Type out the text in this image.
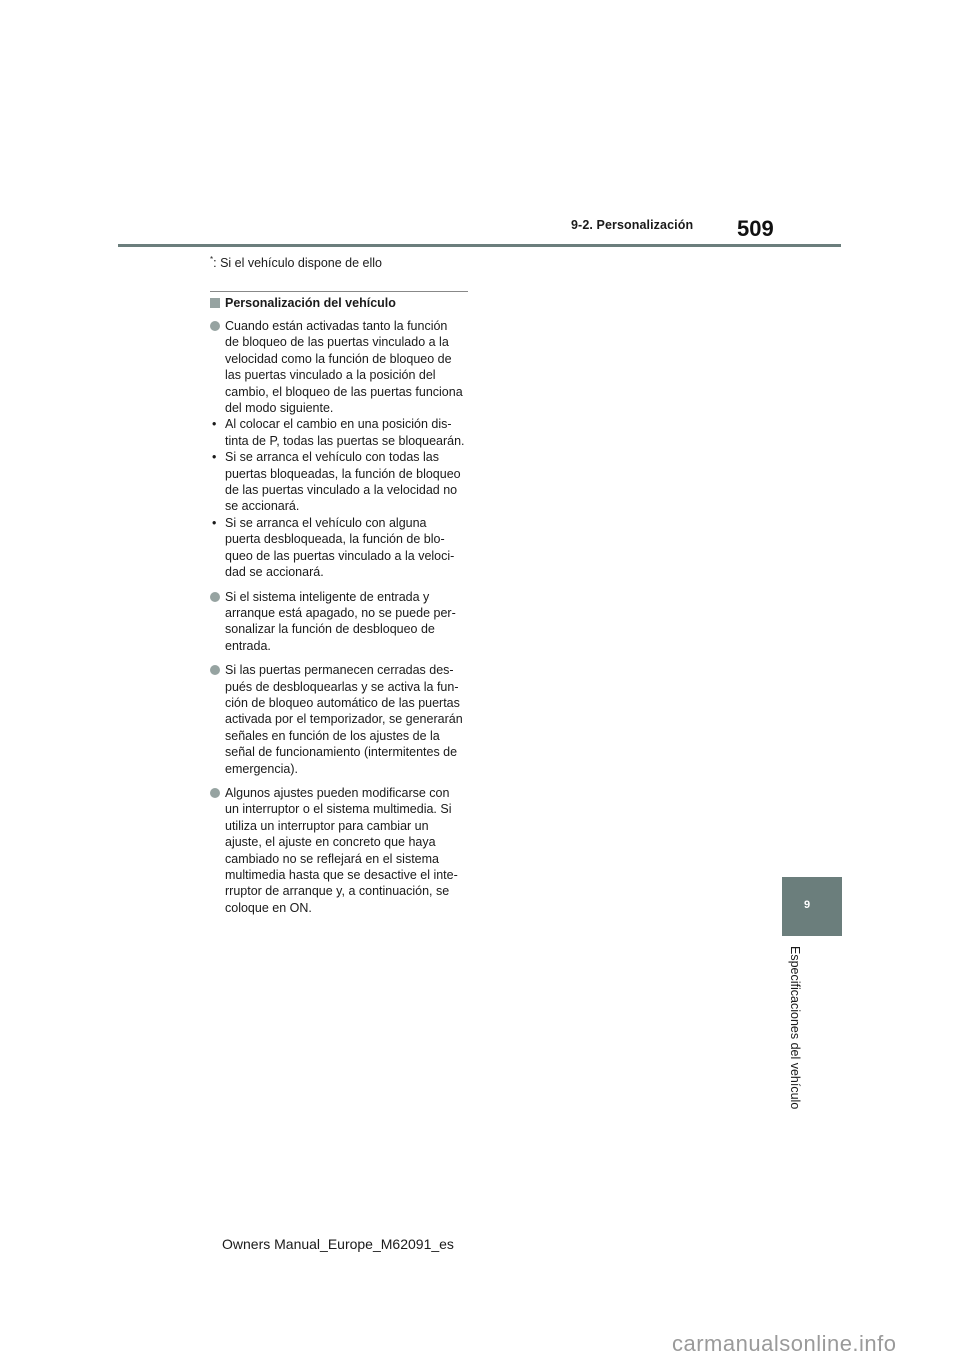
9-2. Personalización 509
*: Si el vehículo dispone de ello
Personalización del vehículo
Cuando están activadas tanto la función
de bloqueo de las puertas vinculado a la
velocidad como la función de bloqueo de
las puertas vinculado a la posición del
cambio, el bloqueo de las puertas funciona
del modo siguiente.
• Al colocar el cambio en una posición dis-
tinta de P, todas las puertas se bloquearán.
• Si se arranca el vehículo con todas las
puertas bloqueadas, la función de bloqueo
de las puertas vinculado a la velocidad no
se accionará.
• Si se arranca el vehículo con alguna
puerta desbloqueada, la función de blo-
queo de las puertas vinculado a la veloci-
dad se accionará.
Si el sistema inteligente de entrada y
arranque está apagado, no se puede per-
sonalizar la función de desbloqueo de
entrada.
Si las puertas permanecen cerradas des-
pués de desbloquearlas y se activa la fun-
ción de bloqueo automático de las puertas
activada por el temporizador, se generarán
señales en función de los ajustes de la
señal de funcionamiento (intermitentes de
emergencia).
Algunos ajustes pueden modificarse con
un interruptor o el sistema multimedia. Si
utiliza un interruptor para cambiar un
ajuste, el ajuste en concreto que haya
cambiado no se reflejará en el sistema
multimedia hasta que se desactive el inte-
rruptor de arranque y, a continuación, se
coloque en ON.	9
Especificaciones del vehículo
Owners Manual_Europe_M62091_es
carmanualsonline.info
